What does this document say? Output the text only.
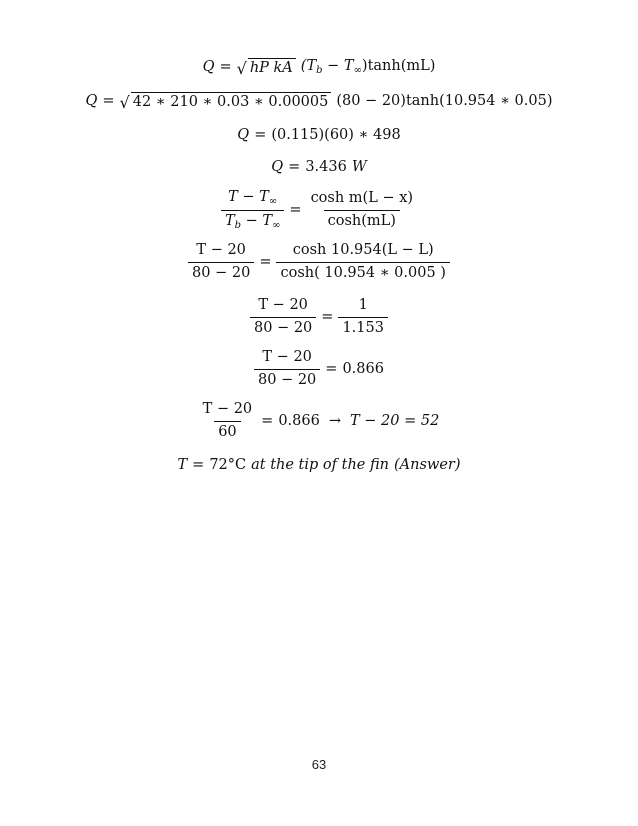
Q = √ hP kA $(T_b - T_\infty)\tanh(mL)$
Q = √ 42 ∗ 210 ∗ 0.03 ∗ 0.00005 (80 − 20)tanh(10.954 ∗ 0.05)
Q = (0.115)(60) ∗ 498
Q = 3.436 W
$\frac{T - T_\infty}{T_b - T_\infty} = \frac{\text{cosh m(L − x)}}{\cosh(mL)}$
$\frac{T - 20}{80 - 20} = \frac{\cosh 10.954(L - L)}{\cosh( 10.954 ∗ 0.005 )}$
$\frac{T - 20}{80 - 20} = \frac{1}{1.153}$
$\frac{T - 20}{80 - 20} = 0.866$
$\frac{T - 20}{60} = 0.866 \to T - 20 = 52$
T = 72°C at the tip of the fin (Answer)
63
